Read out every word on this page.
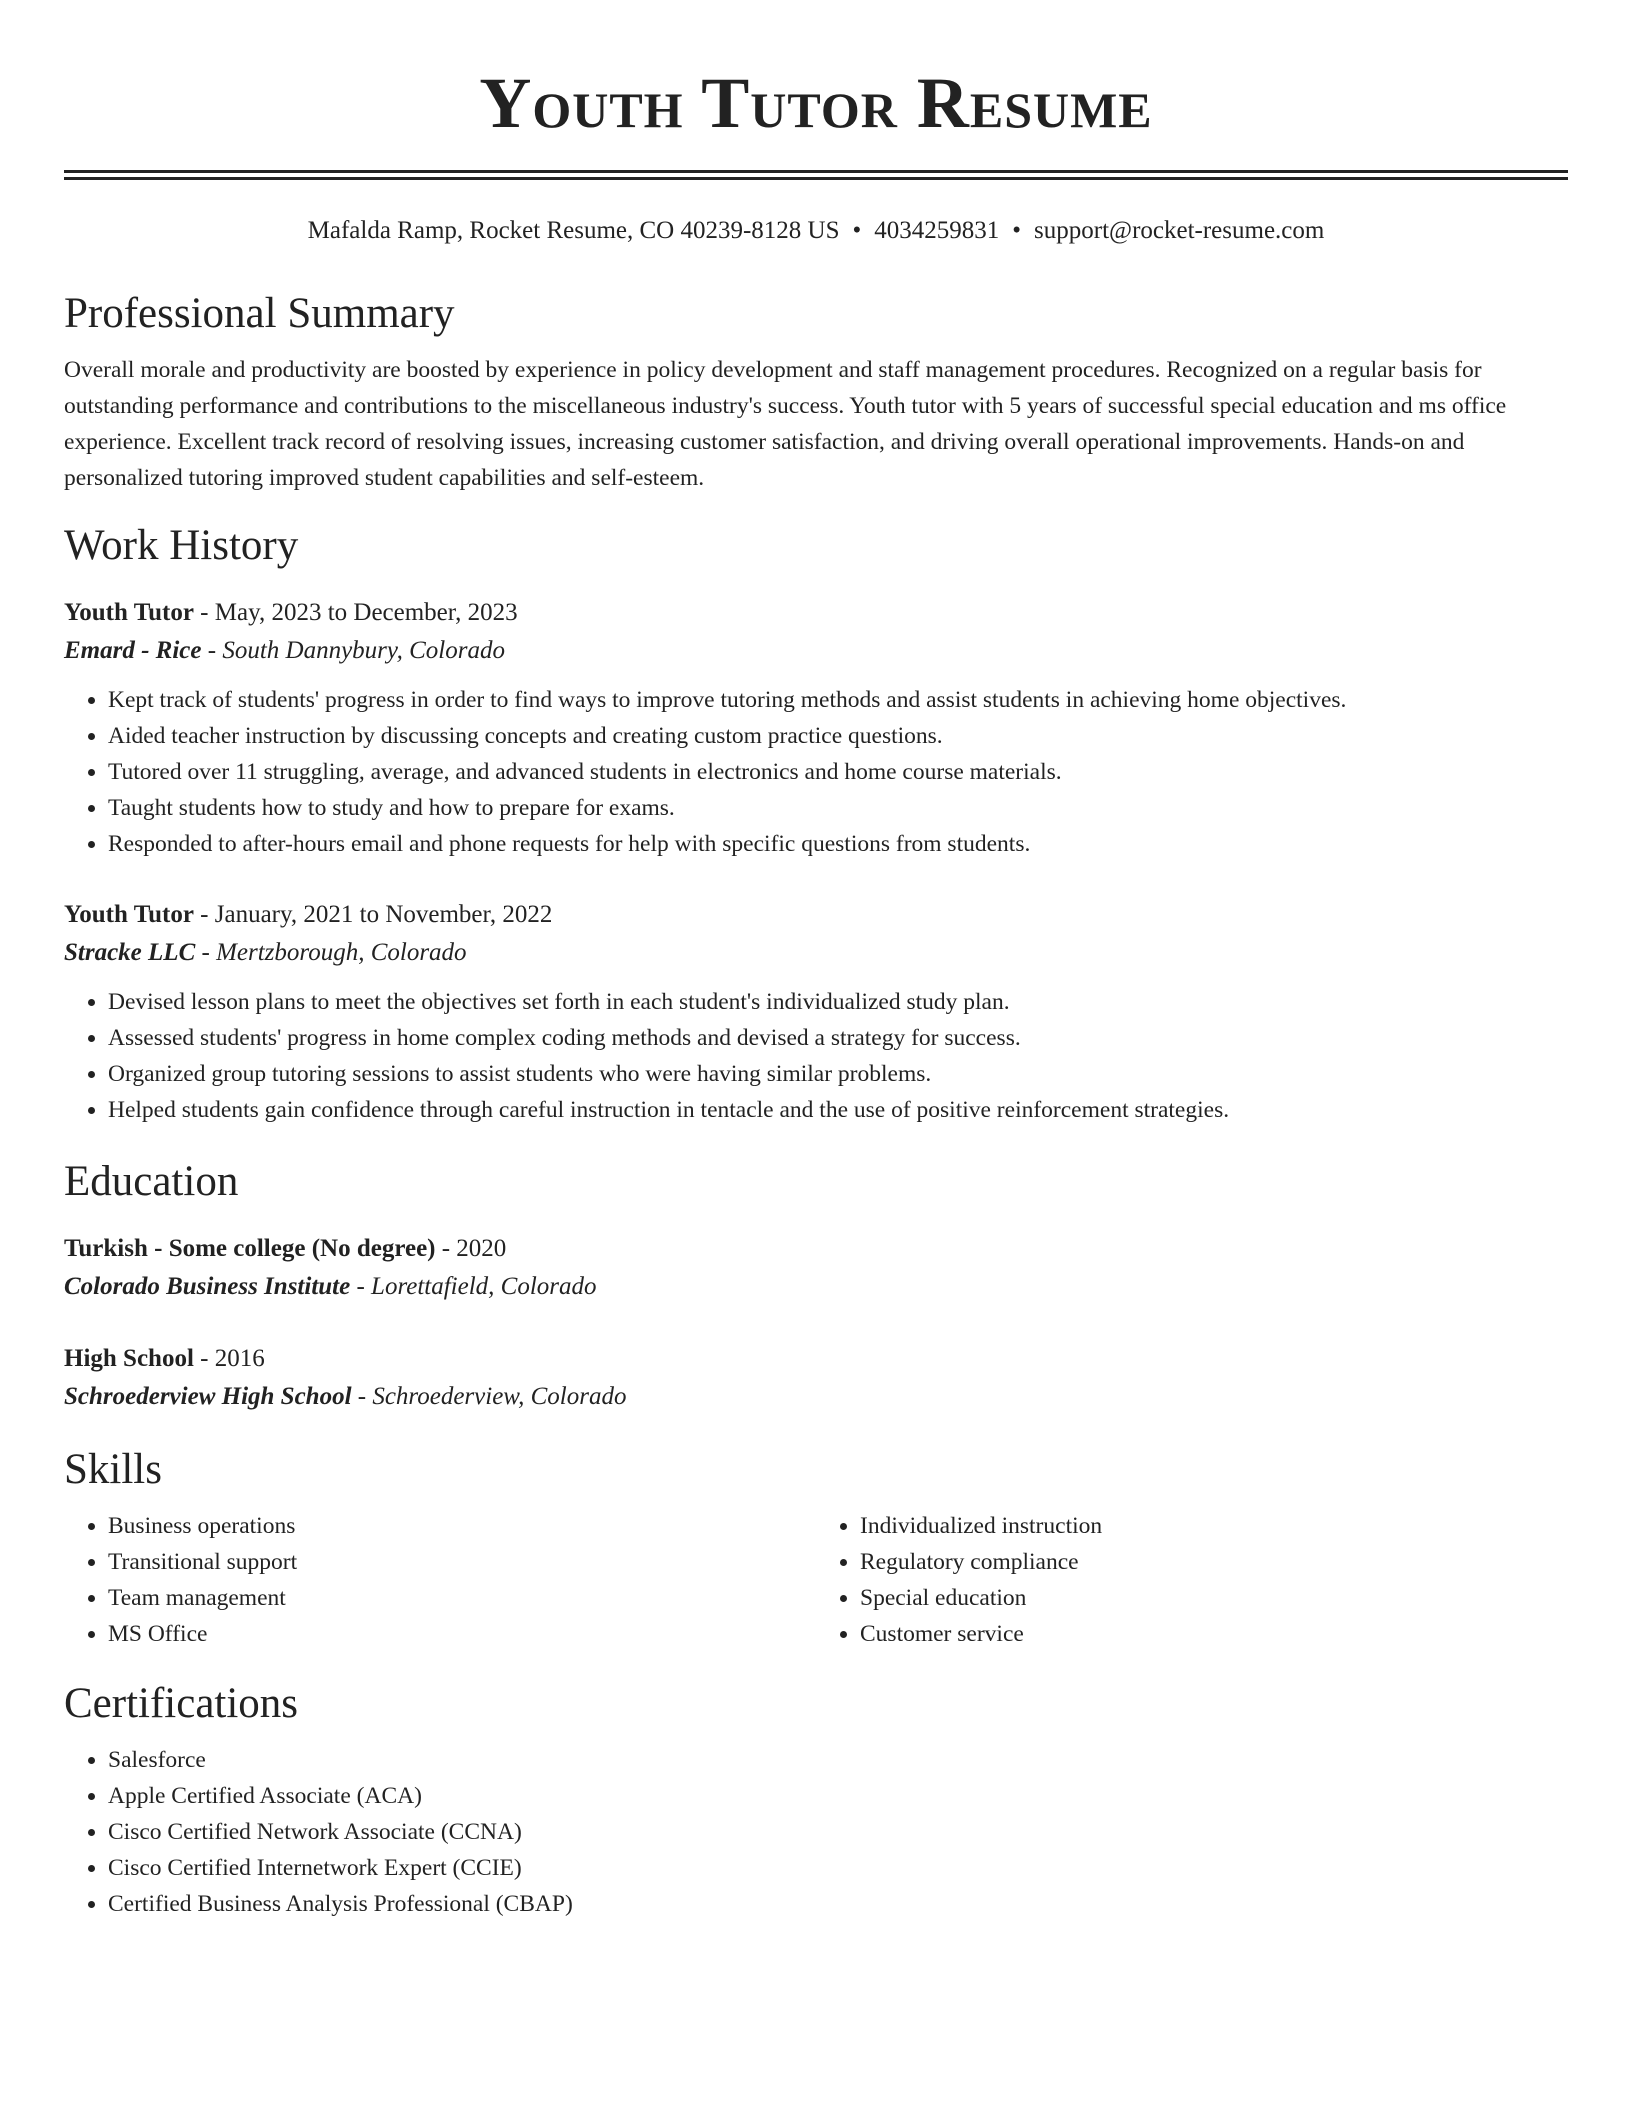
Youth Tutor Resume
Mafalda Ramp, Rocket Resume, CO 40239-8128 US • 4034259831 • support@rocket-resume.com
Professional Summary
Overall morale and productivity are boosted by experience in policy development and staff management procedures. Recognized on a regular basis for outstanding performance and contributions to the miscellaneous industry's success. Youth tutor with 5 years of successful special education and ms office experience. Excellent track record of resolving issues, increasing customer satisfaction, and driving overall operational improvements. Hands-on and personalized tutoring improved student capabilities and self-esteem.
Work History
Youth Tutor - May, 2023 to December, 2023
Emard - Rice - South Dannybury, Colorado
• Kept track of students' progress in order to find ways to improve tutoring methods and assist students in achieving home objectives.
• Aided teacher instruction by discussing concepts and creating custom practice questions.
• Tutored over 11 struggling, average, and advanced students in electronics and home course materials.
• Taught students how to study and how to prepare for exams.
• Responded to after-hours email and phone requests for help with specific questions from students.
Youth Tutor - January, 2021 to November, 2022
Stracke LLC - Mertzborough, Colorado
• Devised lesson plans to meet the objectives set forth in each student's individualized study plan.
• Assessed students' progress in home complex coding methods and devised a strategy for success.
• Organized group tutoring sessions to assist students who were having similar problems.
• Helped students gain confidence through careful instruction in tentacle and the use of positive reinforcement strategies.
Education
Turkish - Some college (No degree) - 2020
Colorado Business Institute - Lorettafield, Colorado
High School - 2016
Schroederview High School - Schroederview, Colorado
Skills
• Business operations
• Transitional support
• Team management
• MS Office
• Individualized instruction
• Regulatory compliance
• Special education
• Customer service
Certifications
• Salesforce
• Apple Certified Associate (ACA)
• Cisco Certified Network Associate (CCNA)
• Cisco Certified Internetwork Expert (CCIE)
• Certified Business Analysis Professional (CBAP)
